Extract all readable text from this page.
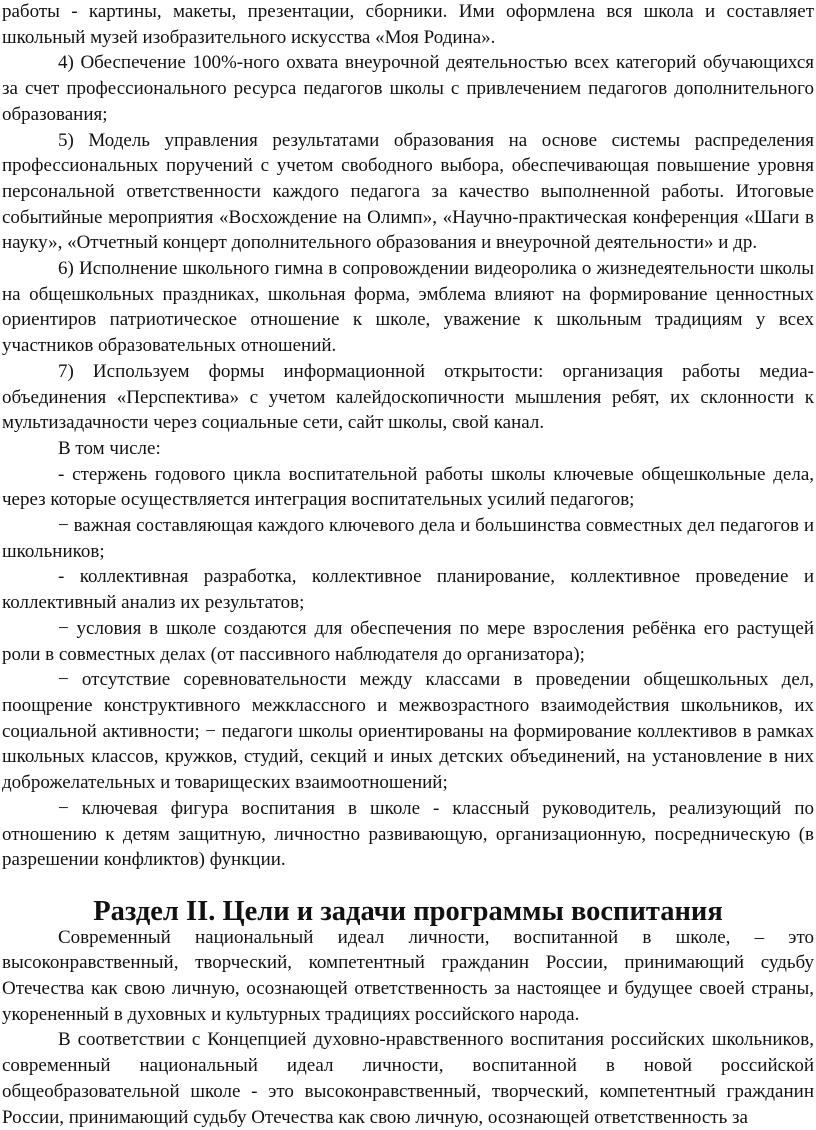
работы - картины, макеты, презентации, сборники. Ими оформлена вся школа и составляет школьный музей изобразительного искусства «Моя Родина».

4) Обеспечение 100%-ного охвата внеурочной деятельностью всех категорий обучающихся за счет профессионального ресурса педагогов школы с привлечением педагогов дополнительного образования;

5) Модель управления результатами образования на основе системы распределения профессиональных поручений с учетом свободного выбора, обеспечивающая повышение уровня персональной ответственности каждого педагога за качество выполненной работы. Итоговые событийные мероприятия «Восхождение на Олимп», «Научно-практическая конференция «Шаги в науку», «Отчетный концерт дополнительного образования и внеурочной деятельности» и др.

6) Исполнение школьного гимна в сопровождении видеоролика о жизнедеятельности школы на общешкольных праздниках, школьная форма, эмблема влияют на формирование ценностных ориентиров патриотическое отношение к школе, уважение к школьным традициям у всех участников образовательных отношений.

7) Используем формы информационной открытости: организация работы медиа-объединения «Перспектива» с учетом калейдоскопичности мышления ребят, их склонности к мультизадачности через социальные сети, сайт школы, свой канал.

В том числе:

- стержень годового цикла воспитательной работы школы ключевые общешкольные дела, через которые осуществляется интеграция воспитательных усилий педагогов;

− важная составляющая каждого ключевого дела и большинства совместных дел педагогов и школьников;

- коллективная разработка, коллективное планирование, коллективное проведение и коллективный анализ их результатов;

− условия в школе создаются для обеспечения по мере взросления ребёнка его растущей роли в совместных делах (от пассивного наблюдателя до организатора);

− отсутствие соревновательности между классами в проведении общешкольных дел, поощрение конструктивного межклассного и межвозрастного взаимодействия школьников, их социальной активности; − педагоги школы ориентированы на формирование коллективов в рамках школьных классов, кружков, студий, секций и иных детских объединений, на установление в них доброжелательных и товарищеских взаимоотношений;

− ключевая фигура воспитания в школе - классный руководитель, реализующий по отношению к детям защитную, личностно развивающую, организационную, посредническую (в разрешении конфликтов) функции.

Раздел II. Цели и задачи программы воспитания

Современный национальный идеал личности, воспитанной в школе, – это высоконравственный, творческий, компетентный гражданин России, принимающий судьбу Отечества как свою личную, осознающей ответственность за настоящее и будущее своей страны, укорененный в духовных и культурных традициях российского народа.

В соответствии с Концепцией духовно-нравственного воспитания российских школьников, современный национальный идеал личности, воспитанной в новой российской общеобразовательной школе - это высоконравственный, творческий, компетентный гражданин России, принимающий судьбу Отечества как свою личную, осознающей ответственность за
